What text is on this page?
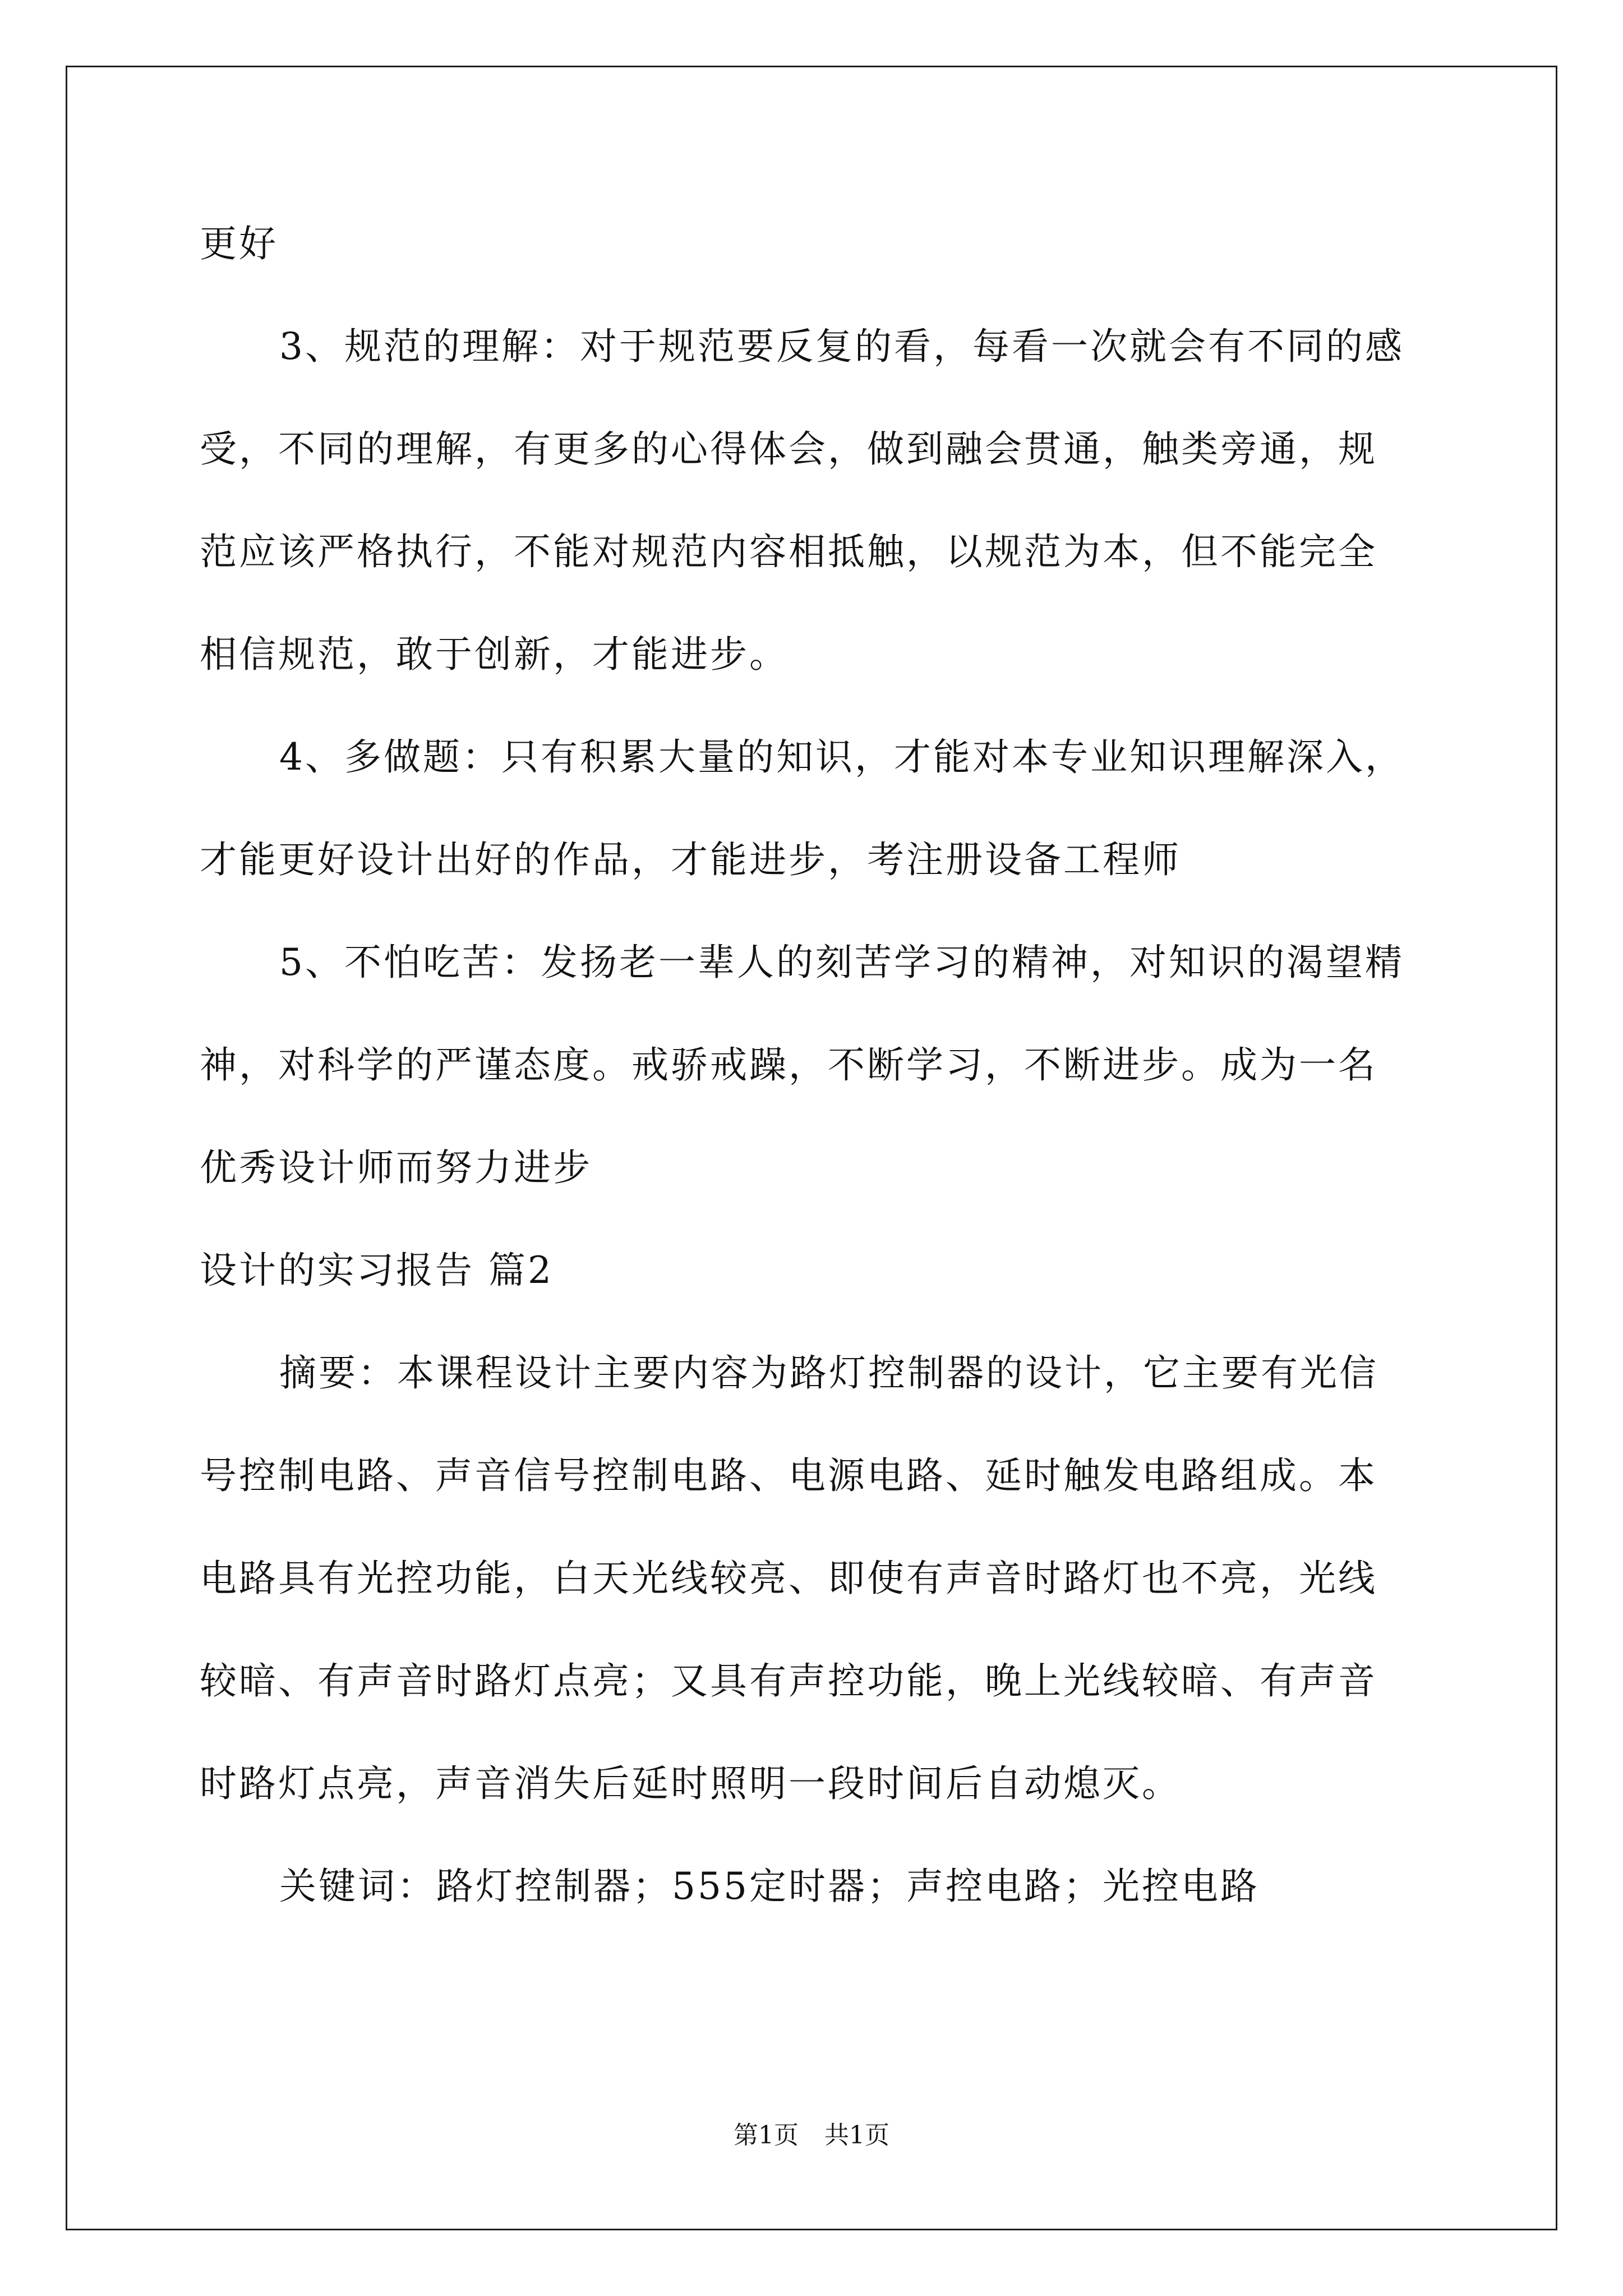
更好
3、规范的理解：对于规范要反复的看，每看一次就会有不同的感
受，不同的理解，有更多的心得体会，做到融会贯通，触类旁通，规
范应该严格执行，不能对规范内容相抵触，以规范为本，但不能完全
相信规范，敢于创新，才能进步。
4、多做题：只有积累大量的知识，才能对本专业知识理解深入，
才能更好设计出好的作品，才能进步，考注册设备工程师
5、不怕吃苦：发扬老一辈人的刻苦学习的精神，对知识的渴望精
神，对科学的严谨态度。戒骄戒躁，不断学习，不断进步。成为一名
优秀设计师而努力进步
设计的实习报告 篇2
摘要：本课程设计主要内容为路灯控制器的设计，它主要有光信
号控制电路、声音信号控制电路、电源电路、延时触发电路组成。本
电路具有光控功能，白天光线较亮、即使有声音时路灯也不亮，光线
较暗、有声音时路灯点亮；又具有声控功能，晚上光线较暗、有声音
时路灯点亮，声音消失后延时照明一段时间后自动熄灭。
关键词：路灯控制器；555定时器；声控电路；光控电路
第1页 共1页
